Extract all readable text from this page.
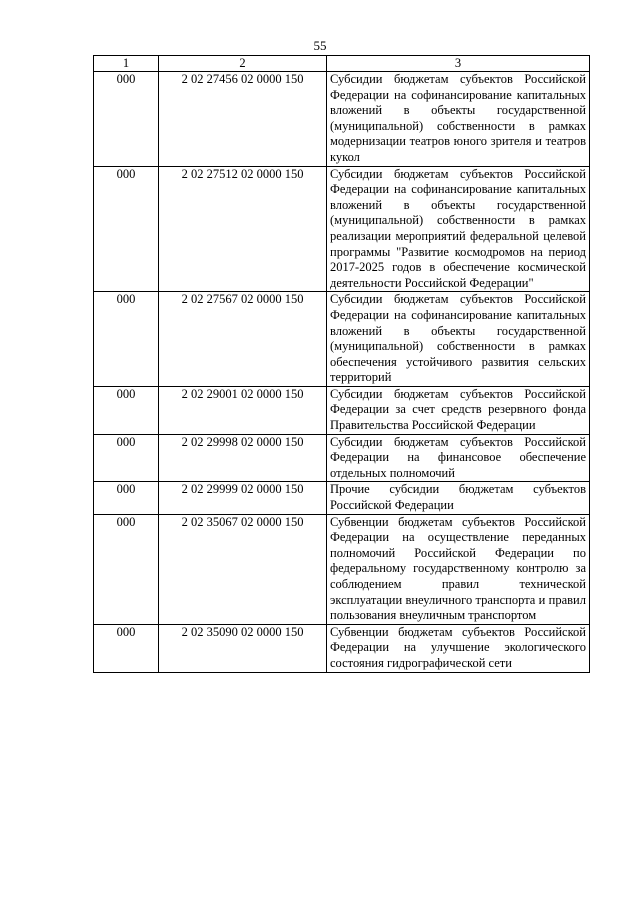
55
1	2	3
000	2 02 27456 02 0000 150	Субсидии бюджетам субъектов Российской Федерации на софинансирование капитальных вложений в объекты государственной (муниципальной) собственности в рамках модернизации театров юного зрителя и театров кукол
000	2 02 27512 02 0000 150	Субсидии бюджетам субъектов Российской Федерации на софинансирование капитальных вложений в объекты государственной (муниципальной) собственности в рамках реализации мероприятий федеральной целевой программы "Развитие космодромов на период 2017-2025 годов в обеспечение космической деятельности Российской Федерации"
000	2 02 27567 02 0000 150	Субсидии бюджетам субъектов Российской Федерации на софинансирование капитальных вложений в объекты государственной (муниципальной) собственности в рамках обеспечения устойчивого развития сельских территорий
000	2 02 29001 02 0000 150	Субсидии бюджетам субъектов Российской Федерации за счет средств резервного фонда Правительства Российской Федерации
000	2 02 29998 02 0000 150	Субсидии бюджетам субъектов Российской Федерации на финансовое обеспечение отдельных полномочий
000	2 02 29999 02 0000 150	Прочие субсидии бюджетам субъектов Российской Федерации
000	2 02 35067 02 0000 150	Субвенции бюджетам субъектов Российской Федерации на осуществление переданных полномочий Российской Федерации по федеральному государственному контролю за соблюдением правил технической эксплуатации внеуличного транспорта и правил пользования внеуличным транспортом
000	2 02 35090 02 0000 150	Субвенции бюджетам субъектов Российской Федерации на улучшение экологического состояния гидрографической сети
